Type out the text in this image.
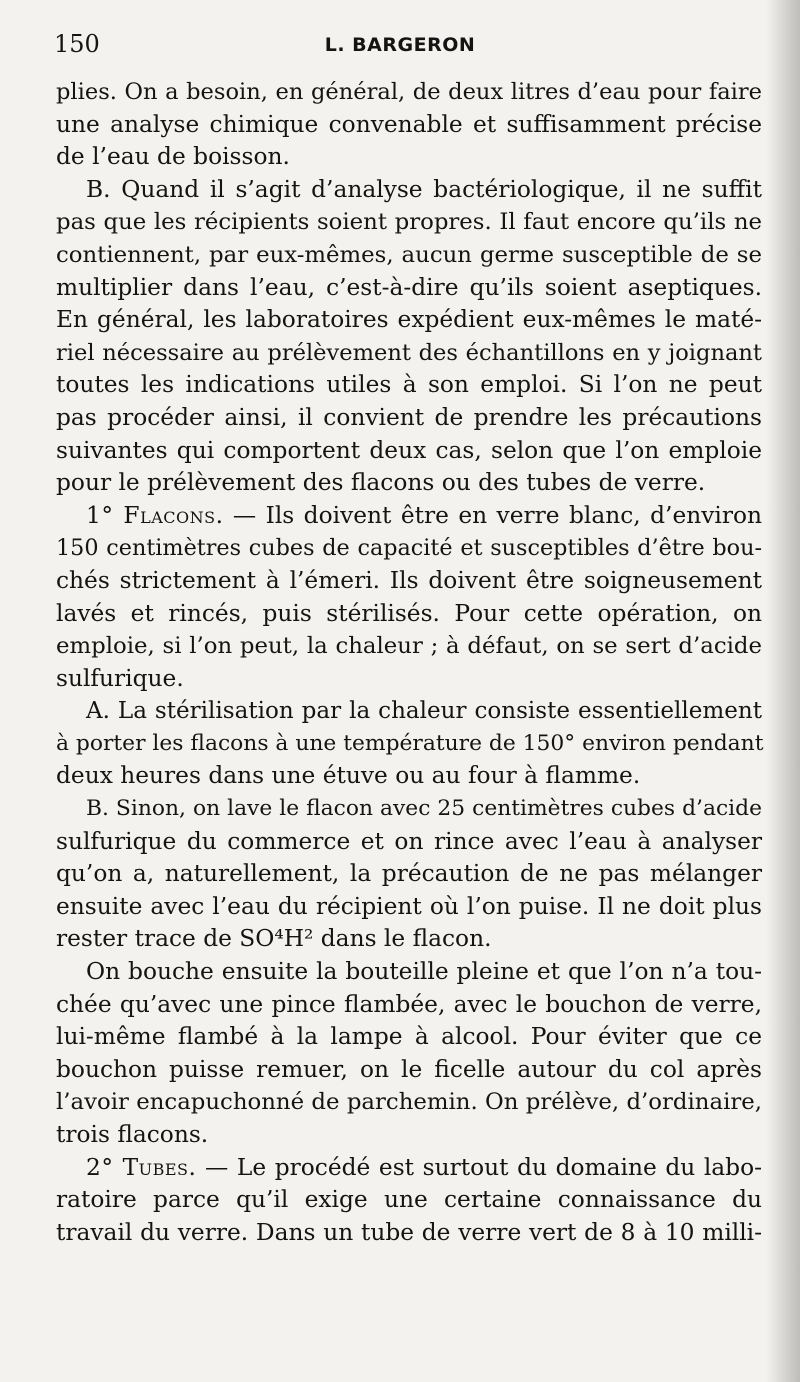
150	L. BARGERON

plies. On a besoin, en général, de deux litres d’eau pour faire

une analyse chimique convenable et suffisamment précise

de l’eau de boisson.

B. Quand il s’agit d’analyse bactériologique, il ne suffit

pas que les récipients soient propres. Il faut encore qu’ils ne

contiennent, par eux-mêmes, aucun germe susceptible de se

multiplier dans l’eau, c’est-à-dire qu’ils soient aseptiques.

En général, les laboratoires expédient eux-mêmes le maté-

riel nécessaire au prélèvement des échantillons en y joignant

toutes les indications utiles à son emploi. Si l’on ne peut

pas procéder ainsi, il convient de prendre les précautions

suivantes qui comportent deux cas, selon que l’on emploie

pour le prélèvement des flacons ou des tubes de verre.

1° Flacons. — Ils doivent être en verre blanc, d’environ

150 centimètres cubes de capacité et susceptibles d’être bou-

chés strictement à l’émeri. Ils doivent être soigneusement

lavés et rincés, puis stérilisés. Pour cette opération, on

emploie, si l’on peut, la chaleur ; à défaut, on se sert d’acide

sulfurique.

A. La stérilisation par la chaleur consiste essentiellement

à porter les flacons à une température de 150° environ pendant

deux heures dans une étuve ou au four à flamme.

B. Sinon, on lave le flacon avec 25 centimètres cubes d’acide

sulfurique du commerce et on rince avec l’eau à analyser

qu’on a, naturellement, la précaution de ne pas mélanger

ensuite avec l’eau du récipient où l’on puise. Il ne doit plus

rester trace de SO⁴H² dans le flacon.

On bouche ensuite la bouteille pleine et que l’on n’a tou-

chée qu’avec une pince flambée, avec le bouchon de verre,

lui-même flambé à la lampe à alcool. Pour éviter que ce

bouchon puisse remuer, on le ficelle autour du col après

l’avoir encapuchonné de parchemin. On prélève, d’ordinaire,

trois flacons.

2° Tubes. — Le procédé est surtout du domaine du labo-

ratoire parce qu’il exige une certaine connaissance du

travail du verre. Dans un tube de verre vert de 8 à 10 milli-
